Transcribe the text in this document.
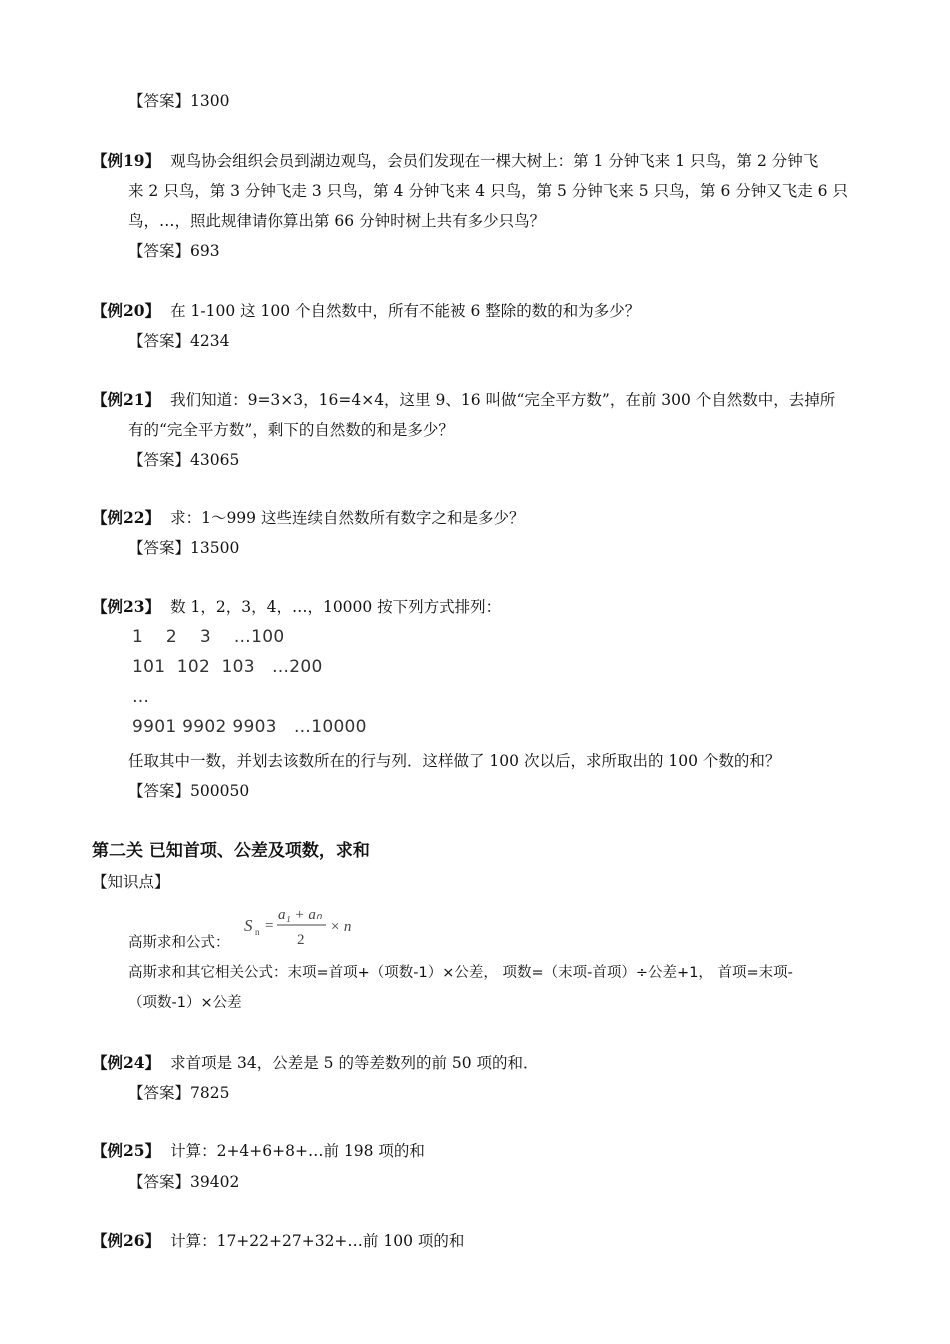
【答案】1300
【例19】 观鸟协会组织会员到湖边观鸟，会员们发现在一棵大树上：第 1 分钟飞来 1 只鸟，第 2 分钟飞
来 2 只鸟，第 3 分钟飞走 3 只鸟，第 4 分钟飞来 4 只鸟，第 5 分钟飞来 5 只鸟，第 6 分钟又飞走 6 只
鸟，…，照此规律请你算出第 66 分钟时树上共有多少只鸟？
【答案】693
【例20】 在 1-100 这 100 个自然数中，所有不能被 6 整除的数的和为多少？
【答案】4234
【例21】 我们知道：9=3×3，16=4×4，这里 9、16 叫做“完全平方数”，在前 300 个自然数中，去掉所
有的“完全平方数”，剩下的自然数的和是多少？
【答案】43065
【例22】 求：1～999 这些连续自然数所有数字之和是多少？
【答案】13500
【例23】 数 1，2，3，4，…，10000 按下列方式排列：
1    2    3    …100
101  102  103   …200
…
9901 9902 9903   …10000
任取其中一数，并划去该数所在的行与列．这样做了 100 次以后，求所取出的 100 个数的和？
【答案】500050
第二关 已知首项、公差及项数，求和
【知识点】
高斯求和公式：
S n =
a₁ + aₙ
2
× n
高斯求和其它相关公式：末项=首项+（项数-1）×公差， 项数=（末项-首项）÷公差+1， 首项=末项-
（项数-1）×公差
【例24】 求首项是 34，公差是 5 的等差数列的前 50 项的和．
【答案】7825
【例25】 计算：2+4+6+8+…前 198 项的和
【答案】39402
【例26】 计算：17+22+27+32+…前 100 项的和
